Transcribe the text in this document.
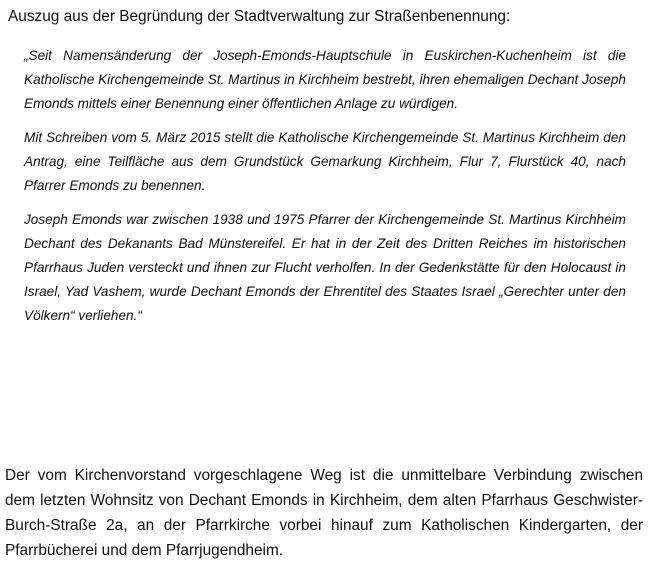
Auszug aus der Begründung der Stadtverwaltung zur Straßenbenennung:

„Seit Namensänderung der Joseph-Emonds-Hauptschule in Euskirchen-Kuchenheim ist die Katholische Kirchengemeinde St. Martinus in Kirchheim bestrebt, ihren ehemaligen Dechant Joseph Emonds mittels einer Benennung einer öffentlichen Anlage zu würdigen.

Mit Schreiben vom 5. März 2015 stellt die Katholische Kirchengemeinde St. Martinus Kirchheim den Antrag, eine Teilfläche aus dem Grundstück Gemarkung Kirchheim, Flur 7, Flurstück 40, nach Pfarrer Emonds zu benennen.

Joseph Emonds war zwischen 1938 und 1975 Pfarrer der Kirchengemeinde St. Martinus Kirchheim Dechant des Dekanants Bad Münstereifel. Er hat in der Zeit des Dritten Reiches im historischen Pfarrhaus Juden versteckt und ihnen zur Flucht verholfen. In der Gedenkstätte für den Holocaust in Israel, Yad Vashem, wurde Dechant Emonds der Ehrentitel des Staates Israel „Gerechter unter den Völkern“ verliehen.“

Der vom Kirchenvorstand vorgeschlagene Weg ist die unmittelbare Verbindung zwischen dem letzten Wohnsitz von Dechant Emonds in Kirchheim, dem alten Pfarrhaus Geschwister-Burch-Straße 2a, an der Pfarrkirche vorbei hinauf zum Katholischen Kindergarten, der Pfarrbücherei und dem Pfarrjugendheim.
